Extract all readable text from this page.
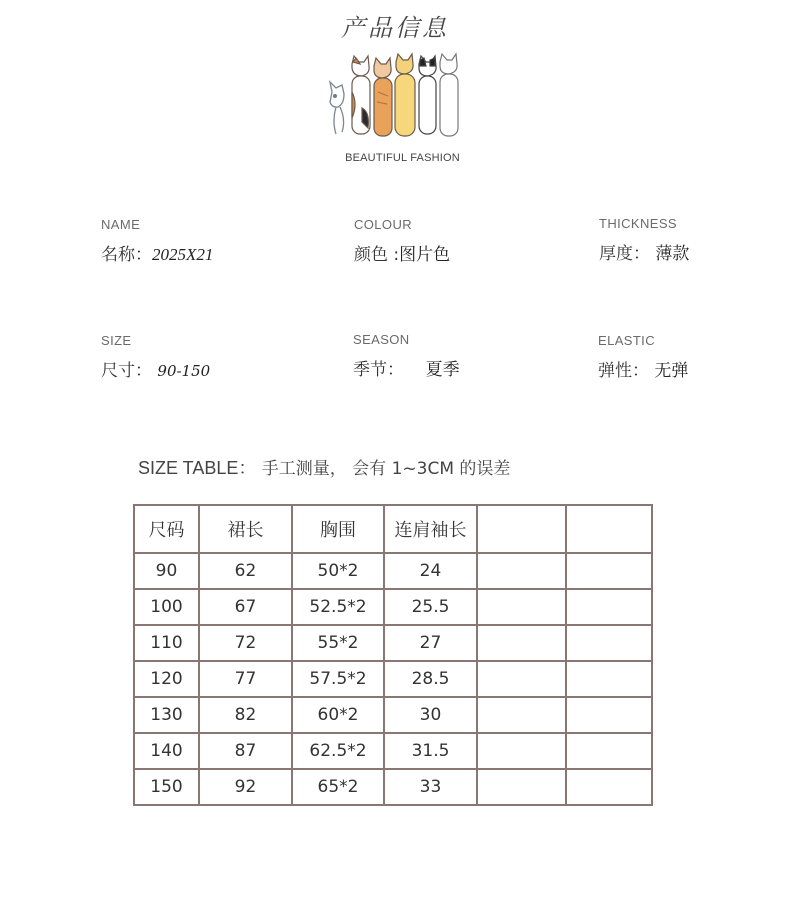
产品信息
BEAUTIFUL FASHION
NAME
名称：2025X21
COLOUR
颜色 :图片色
THICKNESS
厚度： 薄款
SIZE
尺寸： 90-150
SEASON
季节： 夏季
ELASTIC
弹性： 无弹
SIZE TABLE： 手工测量， 会有 1~3CM 的误差
尺码	裙长	胸围	连肩袖长		
90	62	50*2	24		
100	67	52.5*2	25.5		
110	72	55*2	27		
120	77	57.5*2	28.5		
130	82	60*2	30		
140	87	62.5*2	31.5		
150	92	65*2	33		
